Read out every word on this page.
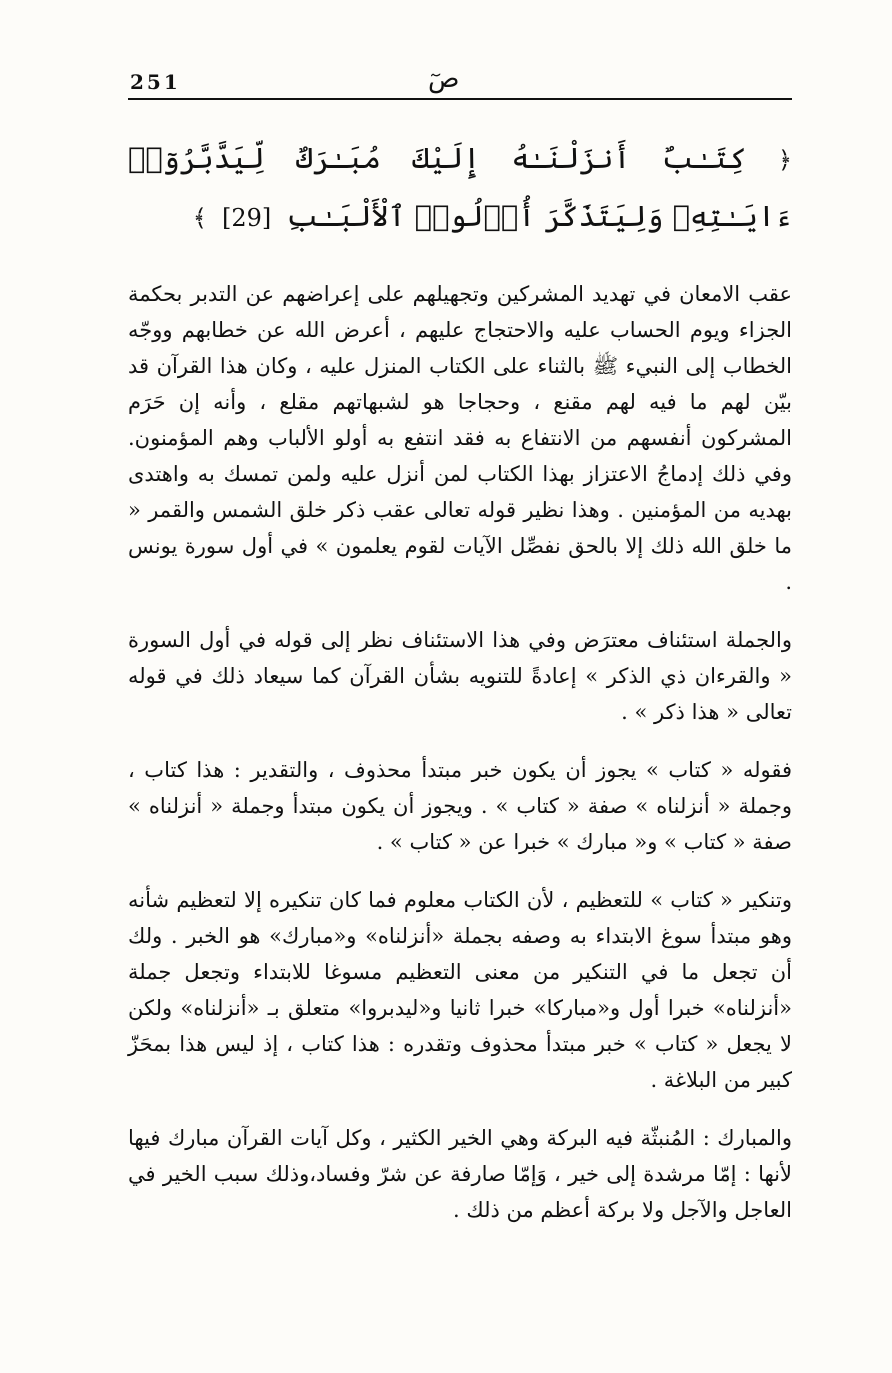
251	صٓ
﴿ كِتَـٰبٌ أَنزَلْنَـٰهُ إِلَيْكَ مُبَـٰرَكٌ لِّيَدَّبَّرُوٓا۟ ءَايَـٰتِهِۦ وَلِيَتَذَكَّرَ أُو۟لُوا۟ ٱلْأَلْبَـٰبِ [29] ﴾

عقب الامعان في تهديد المشركين وتجهيلهم على إعراضهم عن التدبر بحكمة الجزاء ويوم الحساب عليه والاحتجاج عليهم ، أعرض الله عن خطابهم ووجّه الخطاب إلى النبيء ﷺ بالثناء على الكتاب المنزل عليه ، وكان هذا القرآن قد بيّن لهم ما فيه لهم مقنع ، وحجاجا هو لشبهاتهم مقلع ، وأنه إن حَرَم المشركون أنفسهم من الانتفاع به فقد انتفع به أولو الألباب وهم المؤمنون. وفي ذلك إدماجُ الاعتزاز بهذا الكتاب لمن أنزل عليه ولمن تمسك به واهتدى بهديه من المؤمنين . وهذا نظير قوله تعالى عقب ذكر خلق الشمس والقمر « ما خلق الله ذلك إلا بالحق نفصِّل الآيات لقوم يعلمون » في أول سورة يونس .

والجملة استئناف معترَض وفي هذا الاستئناف نظر إلى قوله في أول السورة « والقرءان ذي الذكر » إعادةً للتنويه بشأن القرآن كما سيعاد ذلك في قوله تعالى « هذا ذكر » .

فقوله « كتاب » يجوز أن يكون خبر مبتدأ محذوف ، والتقدير : هذا كتاب ، وجملة « أنزلناه » صفة « كتاب » . ويجوز أن يكون مبتدأ وجملة « أنزلناه » صفة « كتاب » و« مبارك » خبرا عن « كتاب » .

وتنكير « كتاب » للتعظيم ، لأن الكتاب معلوم فما كان تنكيره إلا لتعظيم شأنه وهو مبتدأ سوغ الابتداء به وصفه بجملة «أنزلناه» و«مبارك» هو الخبر . ولك أن تجعل ما في التنكير من معنى التعظيم مسوغا للابتداء وتجعل جملة «أنزلناه» خبرا أول و«مباركا» خبرا ثانيا و«ليدبروا» متعلق بـ «أنزلناه» ولكن لا يجعل « كتاب » خبر مبتدأ محذوف وتقدره : هذا كتاب ، إذ ليس هذا بمحَزّ كبير من البلاغة .

والمبارك : المُنبثّة فيه البركة وهي الخير الكثير ، وكل آيات القرآن مبارك فيها لأنها : إمّا مرشدة إلى خير ، وَإمّا صارفة عن شرّ وفساد،وذلك سبب الخير في العاجل والآجل ولا بركة أعظم من ذلك .
